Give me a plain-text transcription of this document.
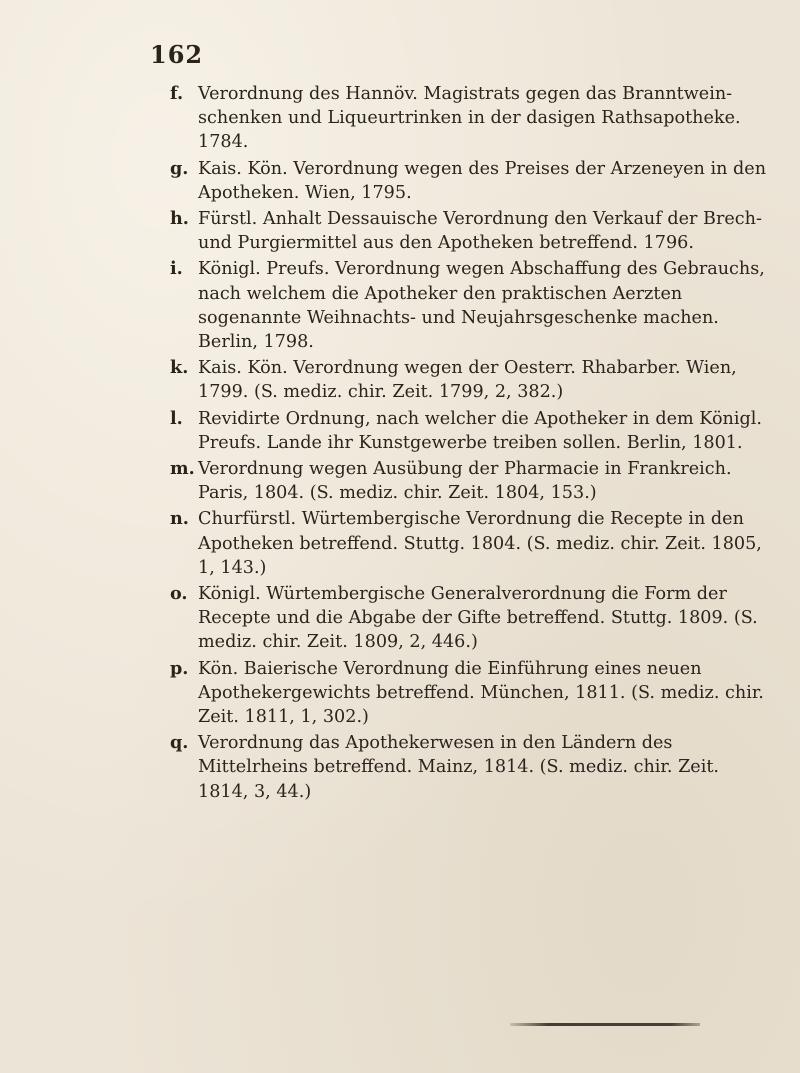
162
f. Verordnung des Hannöv. Magistrats gegen das Branntwein-schenken und Liqueurtrinken in der dasigen Rathsapotheke. 1784.
g. Kais. Kön. Verordnung wegen des Preises der Arzeneyen in den Apotheken. Wien, 1795.
h. Fürstl. Anhalt Dessauische Verordnung den Verkauf der Brech- und Purgiermittel aus den Apotheken betreffend. 1796.
i. Königl. Preufs. Verordnung wegen Abschaffung des Gebrauchs, nach welchem die Apotheker den praktischen Aerzten sogenannte Weihnachts- und Neujahrsgeschenke machen. Berlin, 1798.
k. Kais. Kön. Verordnung wegen der Oesterr. Rhabarber. Wien, 1799. (S. mediz. chir. Zeit. 1799, 2, 382.)
l. Revidirte Ordnung, nach welcher die Apotheker in dem Königl. Preufs. Lande ihr Kunstgewerbe treiben sollen. Berlin, 1801.
m. Verordnung wegen Ausübung der Pharmacie in Frankreich. Paris, 1804. (S. mediz. chir. Zeit. 1804, 153.)
n. Churfürstl. Würtembergische Verordnung die Recepte in den Apotheken betreffend. Stuttg. 1804. (S. mediz. chir. Zeit. 1805, 1, 143.)
o. Königl. Würtembergische Generalverordnung die Form der Recepte und die Abgabe der Gifte betreffend. Stuttg. 1809. (S. mediz. chir. Zeit. 1809, 2, 446.)
p. Kön. Baierische Verordnung die Einführung eines neuen Apothekergewichts betreffend. München, 1811. (S. mediz. chir. Zeit. 1811, 1, 302.)
q. Verordnung das Apothekerwesen in den Ländern des Mittelrheins betreffend. Mainz, 1814. (S. mediz. chir. Zeit. 1814, 3, 44.)
